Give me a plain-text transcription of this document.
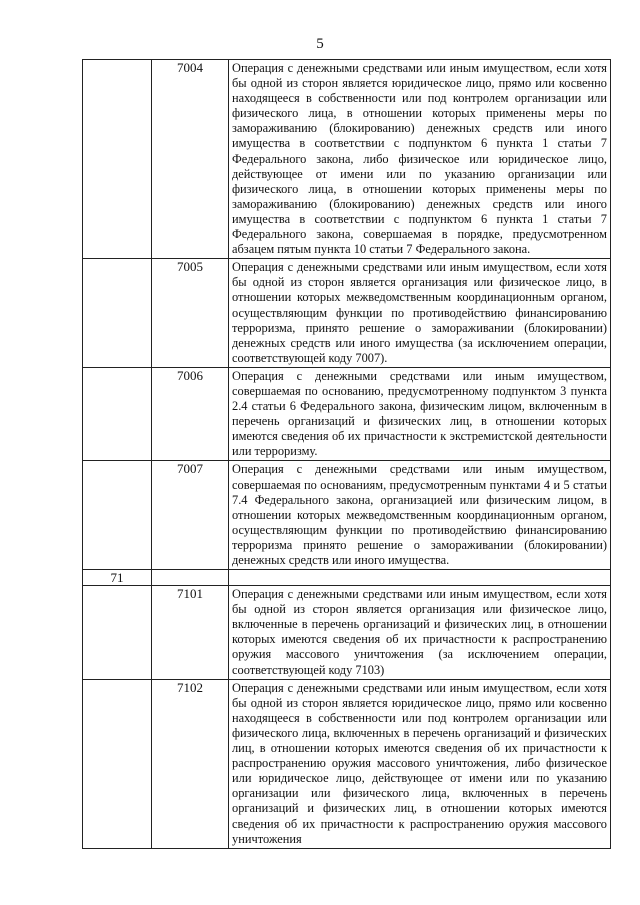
5
	7004	Операция с денежными средствами или иным имуществом, если хотя бы одной из сторон является юридическое лицо, прямо или косвенно находящееся в собственности или под контролем организации или физического лица, в отношении которых применены меры по замораживанию (блокированию) денежных средств или иного имущества в соответствии с подпунктом 6 пункта 1 статьи 7 Федерального закона, либо физическое или юридическое лицо, действующее от имени или по указанию организации или физического лица, в отношении которых применены меры по замораживанию (блокированию) денежных средств или иного имущества в соответствии с подпунктом 6 пункта 1 статьи 7 Федерального закона, совершаемая в порядке, предусмотренном абзацем пятым пункта 10 статьи 7 Федерального закона.

	7005	Операция с денежными средствами или иным имуществом, если хотя бы одной из сторон является организация или физическое лицо, в отношении которых межведомственным координационным органом, осуществляющим функции по противодействию финансированию терроризма, принято решение о замораживании (блокировании) денежных средств или иного имущества (за исключением операции, соответствующей коду 7007).

	7006	Операция с денежными средствами или иным имуществом, совершаемая по основанию, предусмотренному подпунктом 3 пункта 2.4 статьи 6 Федерального закона, физическим лицом, включенным в перечень организаций и физических лиц, в отношении которых имеются сведения об их причастности к экстремистской деятельности или терроризму.

	7007	Операция с денежными средствами или иным имуществом, совершаемая по основаниям, предусмотренным пунктами 4 и 5 статьи 7.4 Федерального закона, организацией или физическим лицом, в отношении которых межведомственным координационным органом, осуществляющим функции по противодействию финансированию терроризма принято решение о замораживании (блокировании) денежных средств или иного имущества.

71		
	7101	Операция с денежными средствами или иным имуществом, если хотя бы одной из сторон является организация или физическое лицо, включенные в перечень организаций и физических лиц, в отношении которых имеются сведения об их причастности к распространению оружия массового уничтожения (за исключением операции, соответствующей коду 7103)

	7102	Операция с денежными средствами или иным имуществом, если хотя бы одной из сторон является юридическое лицо, прямо или косвенно находящееся в собственности или под контролем организации или физического лица, включенных в перечень организаций и физических лиц, в отношении которых имеются сведения об их причастности к распространению оружия массового уничтожения, либо физическое или юридическое лицо, действующее от имени или по указанию организации или физического лица, включенных в перечень организаций и физических лиц, в отношении которых имеются сведения об их причастности к распространению оружия массового уничтожения
